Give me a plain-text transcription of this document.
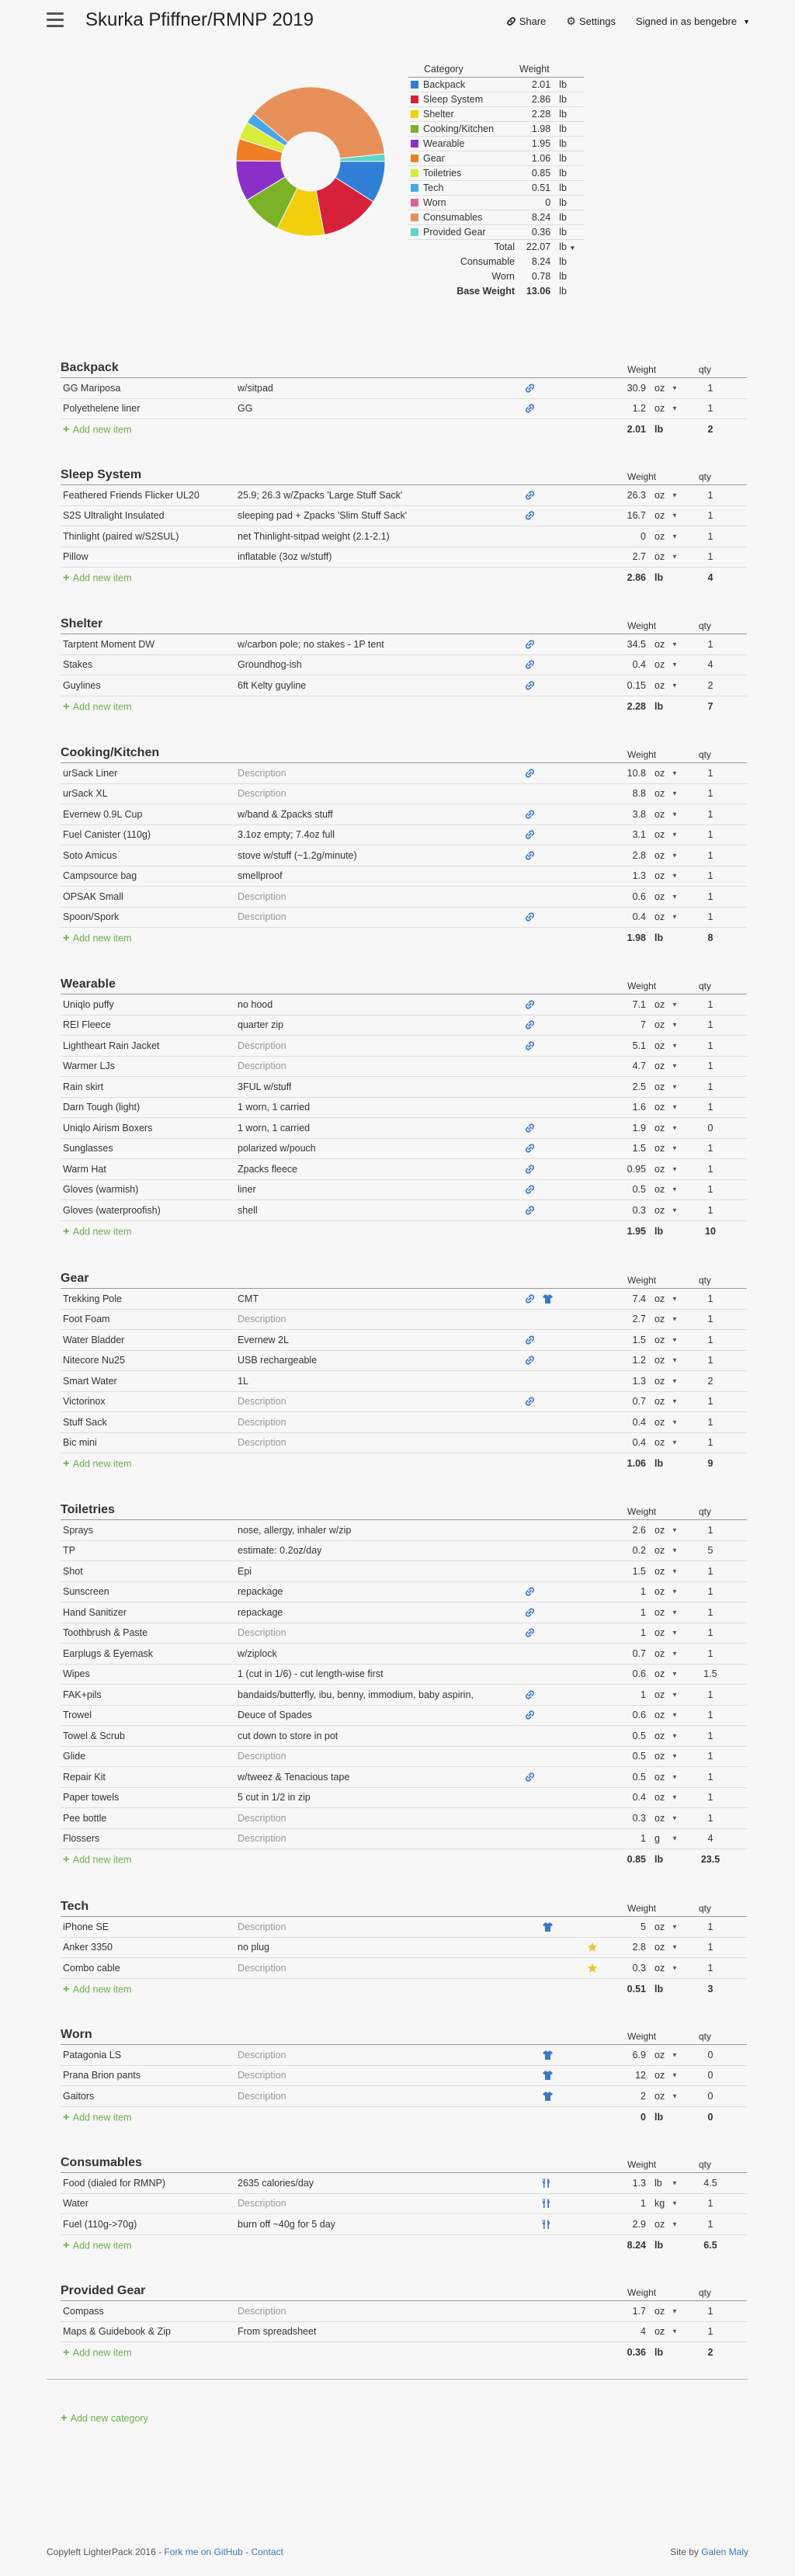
Skurka Pfiffner/RMNP 2019	Share ⚙ Settings Signed in as bengebre ▼
Category	Weight	
Backpack	2.01	lb
Sleep System	2.86	lb
Shelter	2.28	lb
Cooking/Kitchen	1.98	lb
Wearable	1.95	lb
Gear	1.06	lb
Toiletries	0.85	lb
Tech	0.51	lb
Worn	0	lb
Consumables	8.24	lb
Provided Gear	0.36	lb
Total	22.07	lb ▼
Consumable	8.24	lb
Worn	0.78	lb
Base Weight	13.06	lb
Backpack	Weight	qty
GG Mariposa	w/sitpad	30.9 oz ▼	1
Polyethelene liner	GG	1.2 oz ▼	1
+ Add new item	2.01 lb	2
Sleep System	Weight	qty
Feathered Friends Flicker UL20	25.9; 26.3 w/Zpacks 'Large Stuff Sack'	26.3 oz ▼	1
S2S Ultralight Insulated	sleeping pad + Zpacks 'Slim Stuff Sack'	16.7 oz ▼	1
Thinlight (paired w/S2SUL)	net Thinlight-sitpad weight (2.1-2.1)	0 oz ▼	1
Pillow	inflatable (3oz w/stuff)	2.7 oz ▼	1
+ Add new item	2.86 lb	4
Shelter	Weight	qty
Tarptent Moment DW	w/carbon pole; no stakes - 1P tent	34.5 oz ▼	1
Stakes	Groundhog-ish	0.4 oz ▼	4
Guylines	6ft Kelty guyline	0.15 oz ▼	2
+ Add new item	2.28 lb	7
Cooking/Kitchen	Weight	qty
urSack Liner	Description	10.8 oz ▼	1
urSack XL	Description	8.8 oz ▼	1
Evernew 0.9L Cup	w/band & Zpacks stuff	3.8 oz ▼	1
Fuel Canister (110g)	3.1oz empty; 7.4oz full	3.1 oz ▼	1
Soto Amicus	stove w/stuff (~1.2g/minute)	2.8 oz ▼	1
Campsource bag	smellproof	1.3 oz ▼	1
OPSAK Small	Description	0.6 oz ▼	1
Spoon/Spork	Description	0.4 oz ▼	1
+ Add new item	1.98 lb	8
Wearable	Weight	qty
Uniqlo puffy	no hood	7.1 oz ▼	1
REI Fleece	quarter zip	7 oz ▼	1
Lightheart Rain Jacket	Description	5.1 oz ▼	1
Warmer LJs	Description	4.7 oz ▼	1
Rain skirt	3FUL w/stuff	2.5 oz ▼	1
Darn Tough (light)	1 worn, 1 carried	1.6 oz ▼	1
Uniqlo Airism Boxers	1 worn, 1 carried	1.9 oz ▼	0
Sunglasses	polarized w/pouch	1.5 oz ▼	1
Warm Hat	Zpacks fleece	0.95 oz ▼	1
Gloves (warmish)	liner	0.5 oz ▼	1
Gloves (waterproofish)	shell	0.3 oz ▼	1
+ Add new item	1.95 lb	10
Gear	Weight	qty
Trekking Pole	CMT	7.4 oz ▼	1
Foot Foam	Description	2.7 oz ▼	1
Water Bladder	Evernew 2L	1.5 oz ▼	1
Nitecore Nu25	USB rechargeable	1.2 oz ▼	1
Smart Water	1L	1.3 oz ▼	2
Victorinox	Description	0.7 oz ▼	1
Stuff Sack	Description	0.4 oz ▼	1
Bic mini	Description	0.4 oz ▼	1
+ Add new item	1.06 lb	9
Toiletries	Weight	qty
Sprays	nose, allergy, inhaler w/zip	2.6 oz ▼	1
TP	estimate: 0.2oz/day	0.2 oz ▼	5
Shot	Epi	1.5 oz ▼	1
Sunscreen	repackage	1 oz ▼	1
Hand Sanitizer	repackage	1 oz ▼	1
Toothbrush & Paste	Description	1 oz ▼	1
Earplugs & Eyemask	w/ziplock	0.7 oz ▼	1
Wipes	1 (cut in 1/6) - cut length-wise first	0.6 oz ▼	1.5
FAK+pils	bandaids/butterfly, ibu, benny, immodium, baby aspirin,	1 oz ▼	1
Trowel	Deuce of Spades	0.6 oz ▼	1
Towel & Scrub	cut down to store in pot	0.5 oz ▼	1
Glide	Description	0.5 oz ▼	1
Repair Kit	w/tweez & Tenacious tape	0.5 oz ▼	1
Paper towels	5 cut in 1/2 in zip	0.4 oz ▼	1
Pee bottle	Description	0.3 oz ▼	1
Flossers	Description	1 g ▼	4
+ Add new item	0.85 lb	23.5
Tech	Weight	qty
iPhone SE	Description	5 oz ▼	1
Anker 3350	no plug	2.8 oz ▼	1
Combo cable	Description	0.3 oz ▼	1
+ Add new item	0.51 lb	3
Worn	Weight	qty
Patagonia LS	Description	6.9 oz ▼	0
Prana Brion pants	Description	12 oz ▼	0
Gaitors	Description	2 oz ▼	0
+ Add new item	0 lb	0
Consumables	Weight	qty
Food (dialed for RMNP)	2635 calories/day	1.3 lb ▼	4.5
Water	Description	1 kg ▼	1
Fuel (110g->70g)	burn off ~40g for 5 day	2.9 oz ▼	1
+ Add new item	8.24 lb	6.5
Provided Gear	Weight	qty
Compass	Description	1.7 oz ▼	1
Maps & Guidebook & Zip	From spreadsheet	4 oz ▼	1
+ Add new item	0.36 lb	2
+ Add new category
Copyleft LighterPack 2016 - Fork me on GitHub - Contact	Site by Galen Maly
